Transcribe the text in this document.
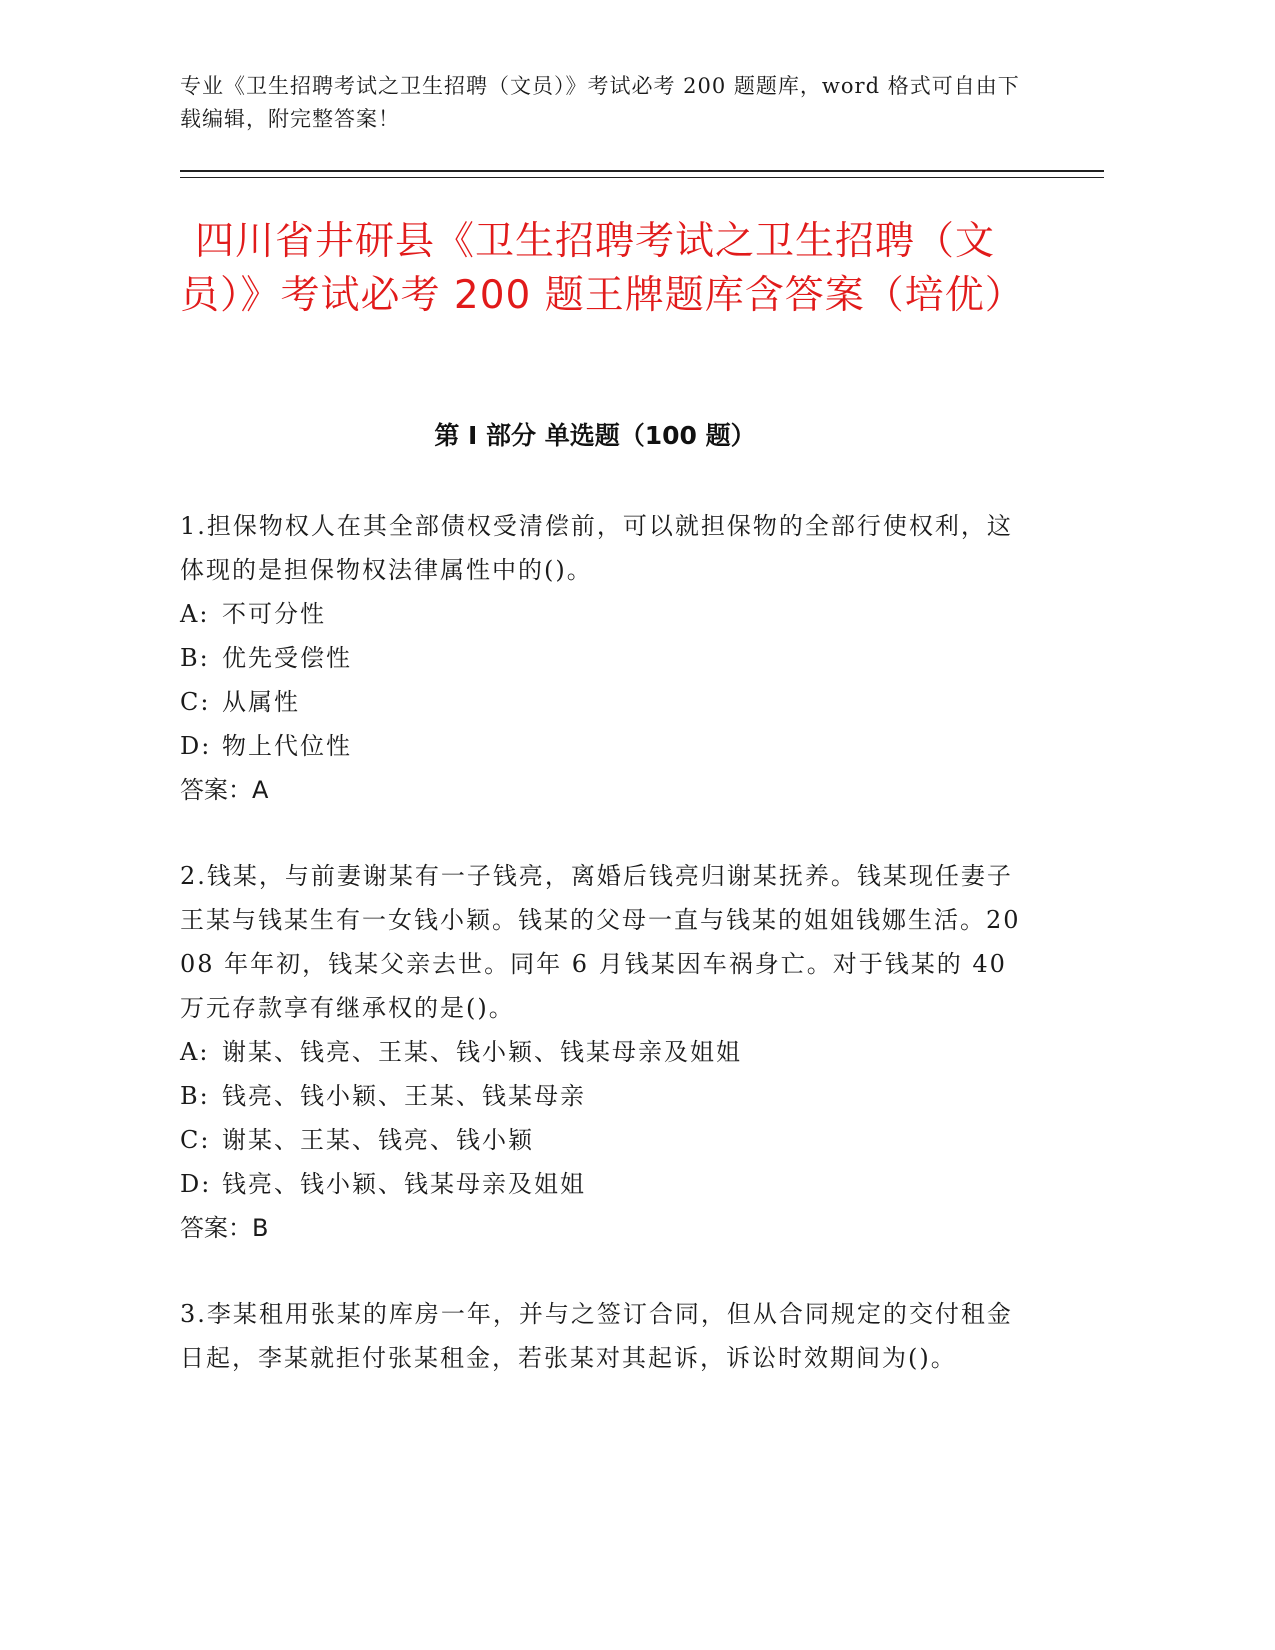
专业《卫生招聘考试之卫生招聘（文员）》考试必考 200 题题库，word 格式可自由下载编辑，附完整答案！
四川省井研县《卫生招聘考试之卫生招聘（文员）》考试必考 200 题王牌题库含答案（培优）
第 I 部分 单选题（100 题）

1.担保物权人在其全部债权受清偿前，可以就担保物的全部行使权利，这体现的是担保物权法律属性中的()。

A: 不可分性
B: 优先受偿性
C: 从属性
D: 物上代位性

答案：A

2.钱某，与前妻谢某有一子钱亮，离婚后钱亮归谢某抚养。钱某现任妻子王某与钱某生有一女钱小颖。钱某的父母一直与钱某的姐姐钱娜生活。2008 年年初，钱某父亲去世。同年 6 月钱某因车祸身亡。对于钱某的 40 万元存款享有继承权的是()。

A: 谢某、钱亮、王某、钱小颖、钱某母亲及姐姐
B: 钱亮、钱小颖、王某、钱某母亲
C: 谢某、王某、钱亮、钱小颖
D: 钱亮、钱小颖、钱某母亲及姐姐

答案：B

3.李某租用张某的库房一年，并与之签订合同，但从合同规定的交付租金日起，李某就拒付张某租金，若张某对其起诉，诉讼时效期间为()。
